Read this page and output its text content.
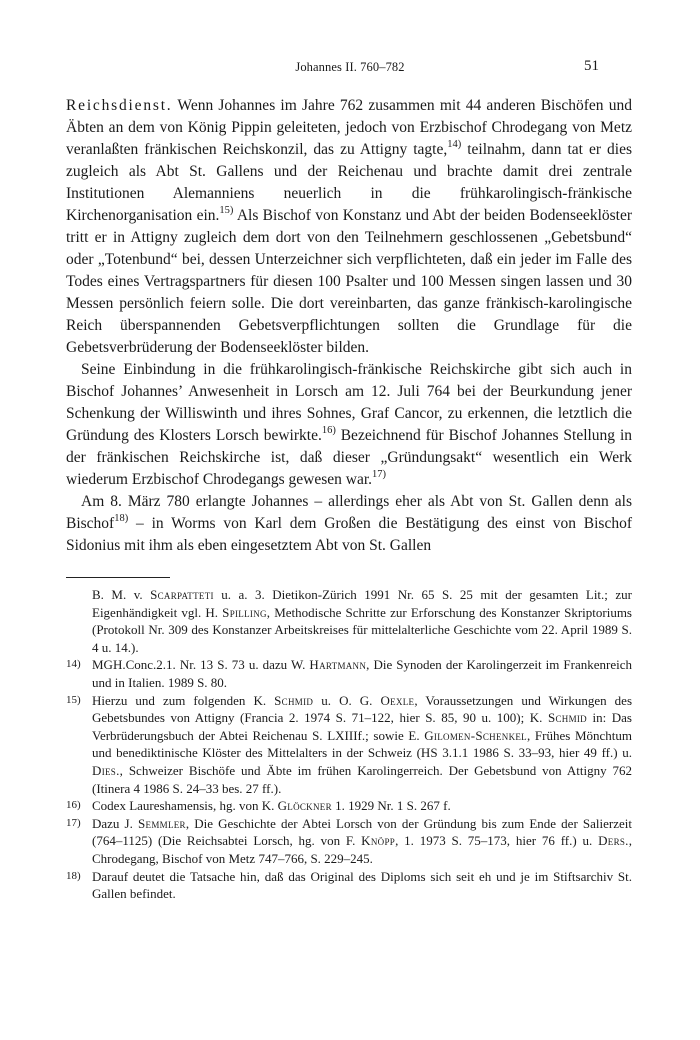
Johannes II. 760–782	51

Reichsdienst. Wenn Johannes im Jahre 762 zusammen mit 44 anderen Bischöfen und Äbten an dem von König Pippin geleiteten, jedoch von Erzbischof Chrodegang von Metz veranlaßten fränkischen Reichskonzil, das zu Attigny tagte,$^{14)}$ teilnahm, dann tat er dies zugleich als Abt St. Gallens und der Reichenau und brachte damit drei zentrale Institutionen Alemanniens neuerlich in die frühkarolingisch-fränkische Kirchenorganisation ein.$^{15)}$ Als Bischof von Konstanz und Abt der beiden Bodenseeklöster tritt er in Attigny zugleich dem dort von den Teilnehmern geschlossenen „Gebetsbund“ oder „Totenbund“ bei, dessen Unterzeichner sich verpflichteten, daß ein jeder im Falle des Todes eines Vertragspartners für diesen 100 Psalter und 100 Messen singen lassen und 30 Messen persönlich feiern solle. Die dort vereinbarten, das ganze fränkisch-karolingische Reich überspannenden Gebetsverpflichtungen sollten die Grundlage für die Gebetsverbrüderung der Bodenseeklöster bilden.

Seine Einbindung in die frühkarolingisch-fränkische Reichskirche gibt sich auch in Bischof Johannes’ Anwesenheit in Lorsch am 12. Juli 764 bei der Beurkundung jener Schenkung der Williswinth und ihres Sohnes, Graf Cancor, zu erkennen, die letztlich die Gründung des Klosters Lorsch bewirkte.$^{16)}$ Bezeichnend für Bischof Johannes Stellung in der fränkischen Reichskirche ist, daß dieser „Gründungsakt“ wesentlich ein Werk wiederum Erzbischof Chrodegangs gewesen war.$^{17)}$

Am 8. März 780 erlangte Johannes – allerdings eher als Abt von St. Gallen denn als Bischof$^{18)}$ – in Worms von Karl dem Großen die Bestätigung des einst von Bischof Sidonius mit ihm als eben eingesetztem Abt von St. Gallen

B. M. v. Scarpatteti u. a. 3. Dietikon-Zürich 1991 Nr. 65 S. 25 mit der gesamten Lit.; zur Eigenhändigkeit vgl. H. Spilling, Methodische Schritte zur Erforschung des Konstanzer Skriptoriums (Protokoll Nr. 309 des Konstanzer Arbeitskreises für mittelalterliche Geschichte vom 22. April 1989 S. 4 u. 14.).
14) MGH.Conc.2.1. Nr. 13 S. 73 u. dazu W. Hartmann, Die Synoden der Karolingerzeit im Frankenreich und in Italien. 1989 S. 80.
15) Hierzu und zum folgenden K. Schmid u. O. G. Oexle, Voraussetzungen und Wirkungen des Gebetsbundes von Attigny (Francia 2. 1974 S. 71–122, hier S. 85, 90 u. 100); K. Schmid in: Das Verbrüderungsbuch der Abtei Reichenau S. LXIIIf.; sowie E. Gilomen-Schenkel, Frühes Mönchtum und benediktinische Klöster des Mittelalters in der Schweiz (HS 3.1.1 1986 S. 33–93, hier 49 ff.) u. Dies., Schweizer Bischöfe und Äbte im frühen Karolingerreich. Der Gebetsbund von Attigny 762 (Itinera 4 1986 S. 24–33 bes. 27 ff.).
16) Codex Laureshamensis, hg. von K. Glöckner 1. 1929 Nr. 1 S. 267 f.
17) Dazu J. Semmler, Die Geschichte der Abtei Lorsch von der Gründung bis zum Ende der Salierzeit (764–1125) (Die Reichsabtei Lorsch, hg. von F. Knöpp, 1. 1973 S. 75–173, hier 76 ff.) u. Ders., Chrodegang, Bischof von Metz 747–766, S. 229–245.
18) Darauf deutet die Tatsache hin, daß das Original des Diploms sich seit eh und je im Stiftsarchiv St. Gallen befindet.
